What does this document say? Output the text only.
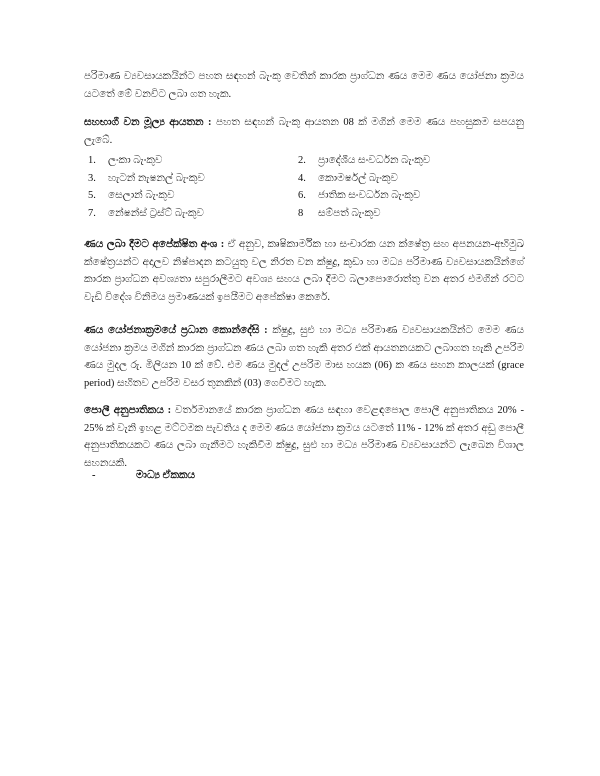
පරිමාණ ව්‍යවසායකයින්ට පහත සඳහන් බැංකු වෙතින් කාරක ප්‍රාග්ධන ණය මෙම ණය යෝජනා ක්‍රමය යටතේ මේ වනවිට ලබා ගත හැක.
සහභාගී වන මූල්‍ය ආයතන : පහත සඳහන් බැංකු ආයතන 08 ක් මගින් මෙම ණය පහසුකම සපයනු ලැබේ.
1.	ලංකා බැංකුව	2.	ප්‍රාදේශීය සංවර්ධන බැංකුව
3.	හැටන් නැෂනල් බැංකුව	4.	කොමර්ෂල් බැංකුව
5.	සෙලාන් බැංකුව	6.	ජාතික සංවර්ධන බැංකුව
7.	නේෂන්ස් ට්‍රස්ට් බැංකුව	8	සම්පත් බැංකුව
ණය ලබා දීමට අපේක්ෂිත අංශ : ඒ අනුව, කෘෂිකාර්මික හා සංචාරක යන ක්ෂේත්‍ර සහ අපනයන-අභිමුඛ ක්ෂේත්‍රයන්ට අදාලව නිෂ්පාදන කටයුතු වල නිරත වන ක්ෂුද්‍ර, කුඩා හා මධ්‍ය පරිමාණ ව්‍යවසායකයින්ගේ කාරක ප්‍රාග්ධන අවශ්‍යතා සපුරාලීමට අවශ්‍ය සහය ලබා දීමට බලාපොරොත්තු වන අතර එමගින් රටට වැඩි විදේශ විනිමය ප්‍රමාණයක් ඉපයීමට අපේක්ෂා කෙරේ.
ණය යෝජනාක්‍රමයේ ප්‍රධාන කොන්දේසි : ක්ෂුද්‍ර, සුළු හා මධ්‍ය පරිමාණ ව්‍යවසායකයින්ට මෙම ණය යෝජනා ක්‍රමය මගින් කාරක ප්‍රාග්ධන ණය ලබා ගත හැකි අතර එක් ආයතනයකට ලබාගත හැකි උපරිම ණය මුදල රු. මිලියන 10 ක් වේ. එම ණය මුදල් උපරිම මාස හයක (06) ක ණය සහන කාලයක් (grace period) සහිතව උපරිම වසර තුනකින් (03) ගෙවීමට හැක.
පොලී අනුපාතිකය : වර්තමානයේ කාරක ප්‍රාග්ධන ණය සඳහා වෙළඳපොල පොලී අනුපාතිකය 20% - 25% ක් වැනි ඉහළ මට්ටමක පැවතිය ද මෙම ණය යෝජනා ක්‍රමය යටතේ 11% - 12% ක් අතර අඩු පොලී අනුපාතිකයකට ණය ලබා ගැනීමට හැකිවීම ක්ෂුද්‍ර, සුළු හා මධ්‍ය පරිමාණ ව්‍යවසායන්ට ලැබෙන විශාල සහනයකි.
-	මාධ්‍ය ඒකකය
